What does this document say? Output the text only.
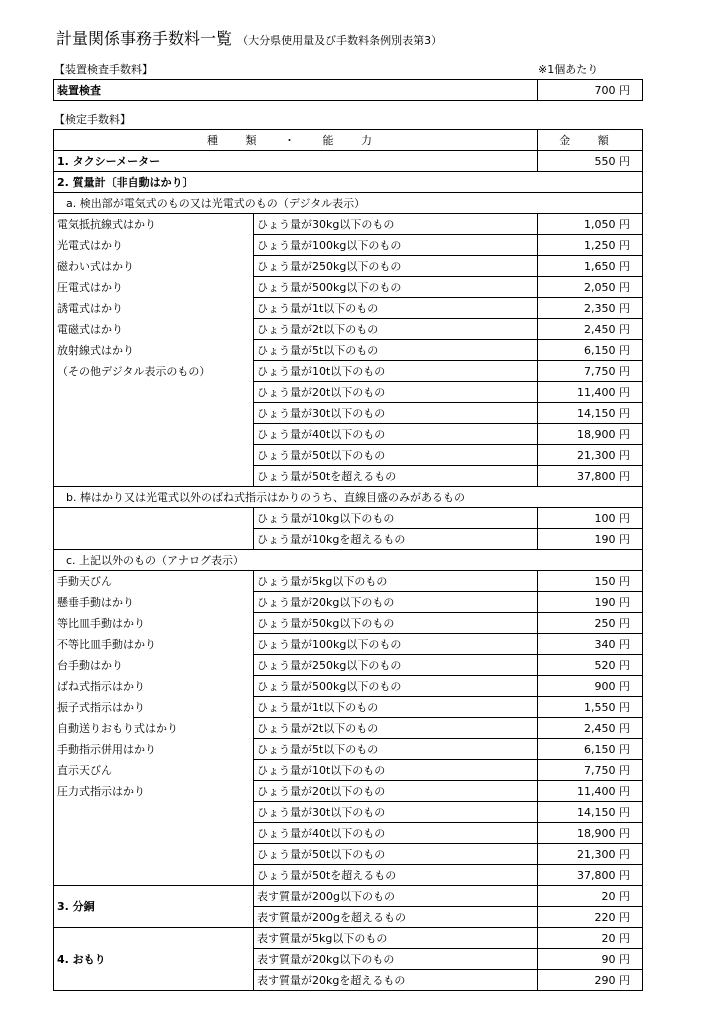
計量関係事務手数料一覧 （大分県使用量及び手数料条例別表第3）
【装置検査手数料】	※1個あたり
装置検査	700 円
【検定手数料】
種 類 ・ 能 力		金 額
1. タクシーメーター		550 円
2. 質量計〔非自動はかり〕		
a. 検出部が電気式のもの又は光電式のもの（デジタル表示）		
電気抵抗線式はかり	ひょう量が30kg以下のもの	1,050 円
光電式はかり	ひょう量が100kg以下のもの	1,250 円
磁わい式はかり	ひょう量が250kg以下のもの	1,650 円
圧電式はかり	ひょう量が500kg以下のもの	2,050 円
誘電式はかり	ひょう量が1t以下のもの	2,350 円
電磁式はかり	ひょう量が2t以下のもの	2,450 円
放射線式はかり	ひょう量が5t以下のもの	6,150 円
（その他デジタル表示のもの）	ひょう量が10t以下のもの	7,750 円
	ひょう量が20t以下のもの	11,400 円
	ひょう量が30t以下のもの	14,150 円
	ひょう量が40t以下のもの	18,900 円
	ひょう量が50t以下のもの	21,300 円
	ひょう量が50tを超えるもの	37,800 円
b. 棒はかり又は光電式以外のばね式指示はかりのうち、直線目盛のみがあるもの		
	ひょう量が10kg以下のもの	100 円
	ひょう量が10kgを超えるもの	190 円
c. 上記以外のもの（アナログ表示）		
手動天びん	ひょう量が5kg以下のもの	150 円
懸垂手動はかり	ひょう量が20kg以下のもの	190 円
等比皿手動はかり	ひょう量が50kg以下のもの	250 円
不等比皿手動はかり	ひょう量が100kg以下のもの	340 円
台手動はかり	ひょう量が250kg以下のもの	520 円
ばね式指示はかり	ひょう量が500kg以下のもの	900 円
振子式指示はかり	ひょう量が1t以下のもの	1,550 円
自動送りおもり式はかり	ひょう量が2t以下のもの	2,450 円
手動指示併用はかり	ひょう量が5t以下のもの	6,150 円
直示天びん	ひょう量が10t以下のもの	7,750 円
圧力式指示はかり	ひょう量が20t以下のもの	11,400 円
	ひょう量が30t以下のもの	14,150 円
	ひょう量が40t以下のもの	18,900 円
	ひょう量が50t以下のもの	21,300 円
	ひょう量が50tを超えるもの	37,800 円
3. 分銅	表す質量が200g以下のもの	20 円
	表す質量が200gを超えるもの	220 円
4. おもり	表す質量が5kg以下のもの	20 円
	表す質量が20kg以下のもの	90 円
	表す質量が20kgを超えるもの	290 円
